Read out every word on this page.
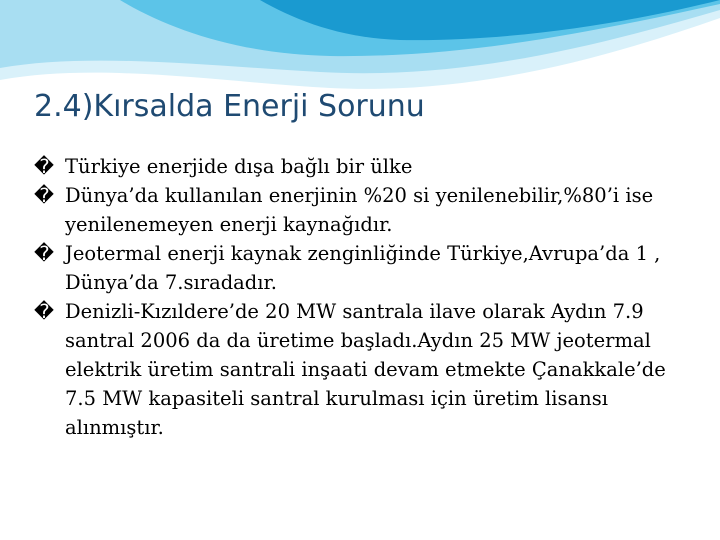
2.4)Kırsalda Enerji Sorunu
� Türkiye enerjide dışa bağlı bir ülke
� Dünya’da kullanılan enerjinin %20 si yenilenebilir,%80’i ise yenilenemeyen enerji kaynağıdır.
� Jeotermal enerji kaynak zenginliğinde Türkiye,Avrupa’da 1 , Dünya’da 7.sıradadır.
� Denizli-Kızıldere’de 20 MW santrala ilave olarak Aydın 7.9 santral 2006 da da üretime başladı.Aydın 25 MW jeotermal elektrik üretim santrali inşaati devam etmekte Çanakkale’de 7.5 MW kapasiteli santral kurulması için üretim lisansı alınmıştır.
